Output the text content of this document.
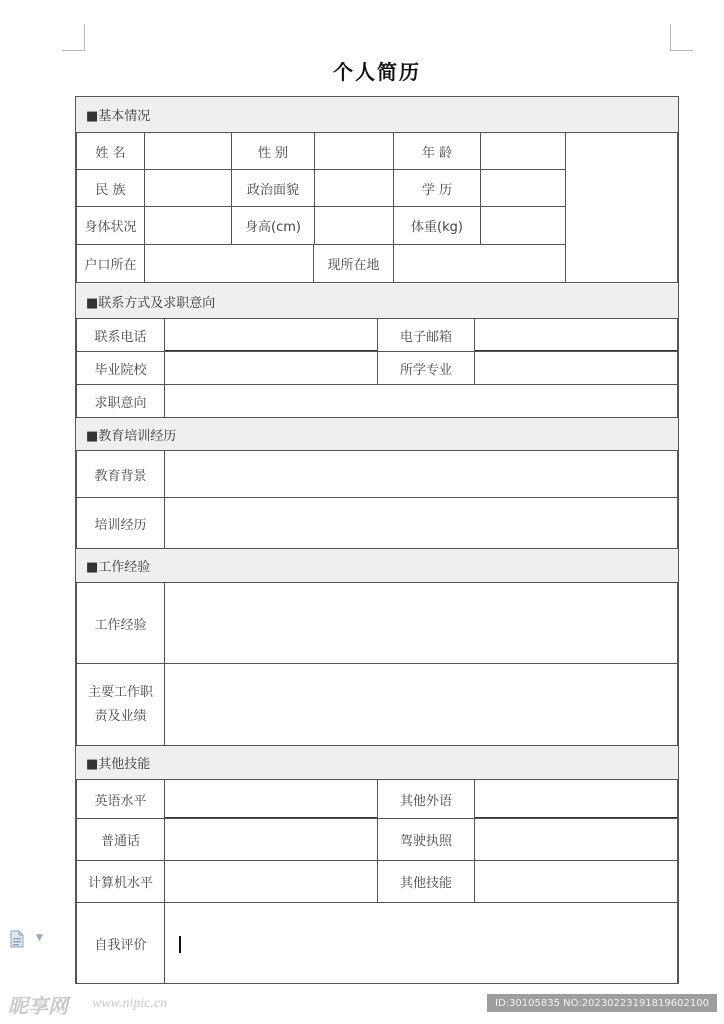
个人简历
■基本情况
姓 名	性 别	年 龄
民 族	政治面貌	学 历
身体状况	身高(cm)	体重(kg)
户口所在	现所在地
■联系方式及求职意向
联系电话	电子邮箱
毕业院校	所学专业
求职意向
■教育培训经历
教育背景
培训经历
■工作经验
工作经验
主要工作职
责及业绩
■其他技能
英语水平	其他外语
普通话	驾驶执照
计算机水平	其他技能
自我评价
▼
昵享网 www.nipic.cn	ID:30105835 NO:20230223191819602100
